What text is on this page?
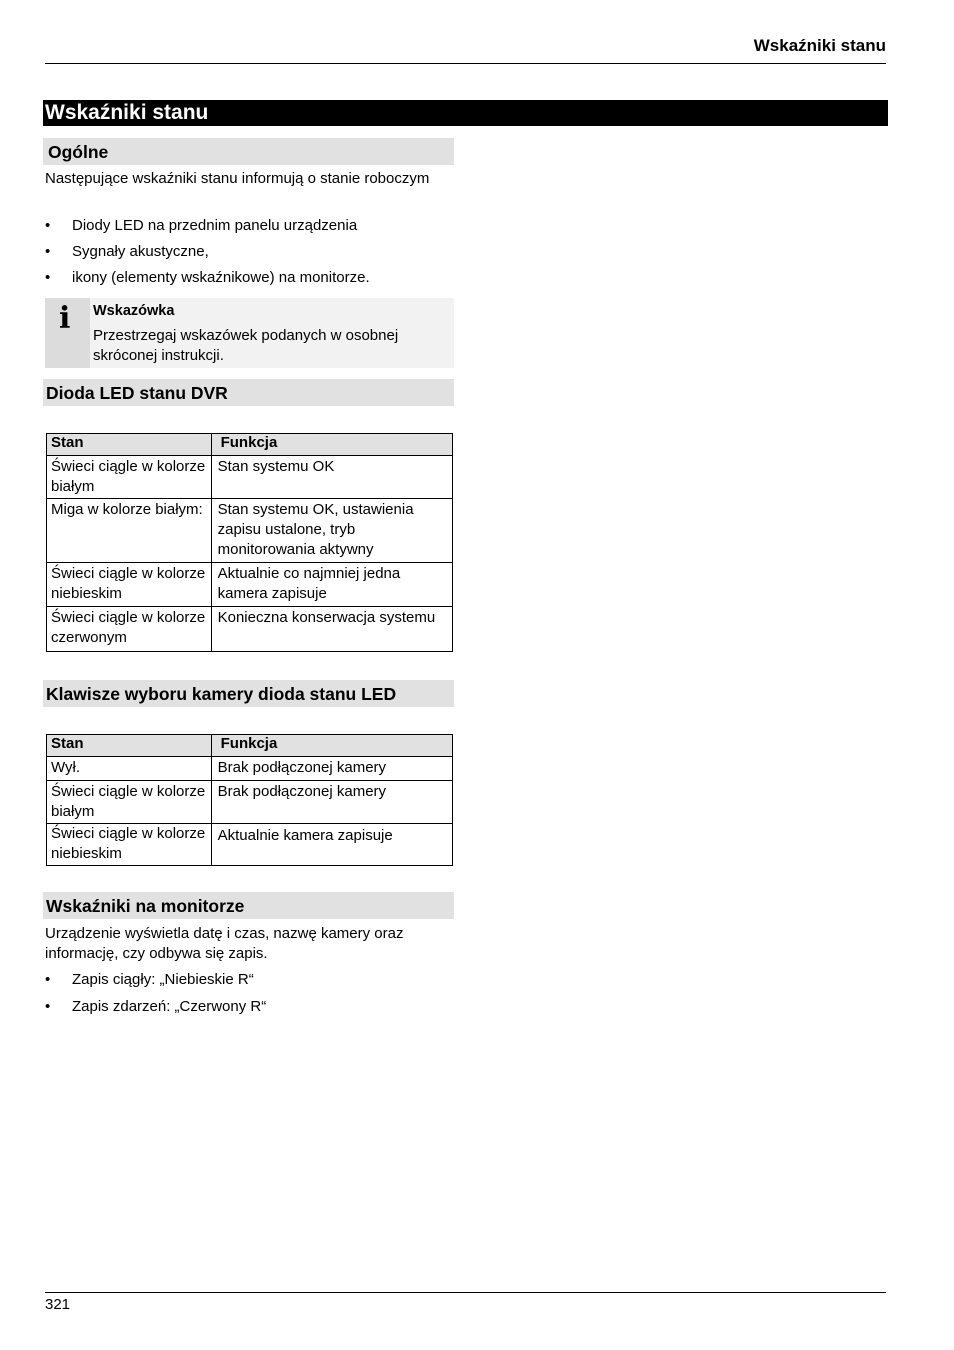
Wskaźniki stanu
Wskaźniki stanu
Ogólne
Następujące wskaźniki stanu informują o stanie roboczym
• Diody LED na przednim panelu urządzenia
• Sygnały akustyczne,
• ikony (elementy wskaźnikowe) na monitorze.
i Wskazówka
Przestrzegaj wskazówek podanych w osobnej skróconej instrukcji.
Dioda LED stanu DVR
Stan	Funkcja
Świeci ciągle w kolorze białym	Stan systemu OK
Miga w kolorze białym:	Stan systemu OK, ustawienia zapisu ustalone, tryb monitorowania aktywny
Świeci ciągle w kolorze niebieskim	Aktualnie co najmniej jedna kamera zapisuje
Świeci ciągle w kolorze czerwonym	Konieczna konserwacja systemu
Klawisze wyboru kamery dioda stanu LED
Stan	Funkcja
Wył.	Brak podłączonej kamery
Świeci ciągle w kolorze białym	Brak podłączonej kamery
Świeci ciągle w kolorze niebieskim	Aktualnie kamera zapisuje
Wskaźniki na monitorze
Urządzenie wyświetla datę i czas, nazwę kamery oraz informację, czy odbywa się zapis.
• Zapis ciągły: „Niebieskie R“
• Zapis zdarzeń: „Czerwony R“
321
